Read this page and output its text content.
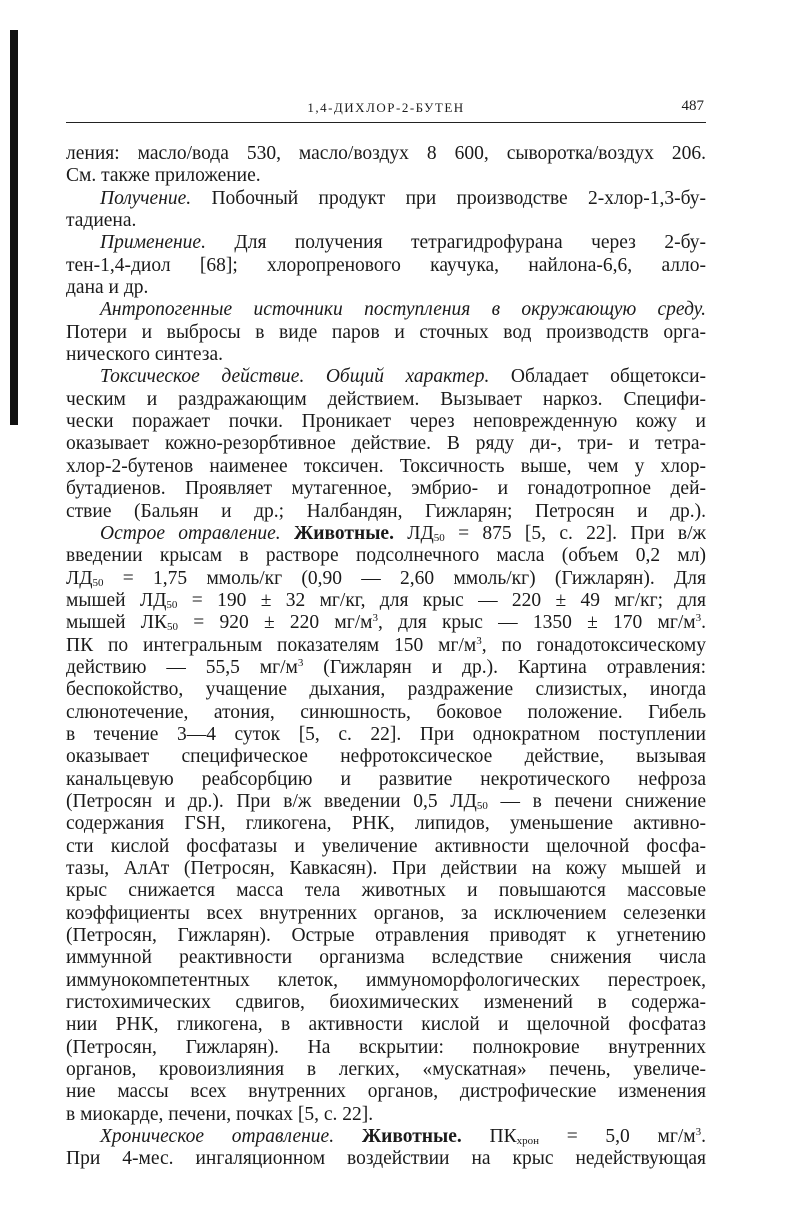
1,4-ДИХЛОР-2-БУТЕН	487
ления: масло/вода 530, масло/воздух 8 600, сыворотка/воздух 206.
См. также приложение.
Получение. Побочный продукт при производстве 2-хлор-1,3-бу-
тадиена.
Применение. Для получения тетрагидрофурана через 2-бу-
тен-1,4-диол [68]; хлоропренового каучука, найлона-6,6, алло-
дана и др.
Антропогенные источники поступления в окружающую среду.
Потери и выбросы в виде паров и сточных вод производств орга-
нического синтеза.
Токсическое действие. Общий характер. Обладает общетокси-
ческим и раздражающим действием. Вызывает наркоз. Специфи-
чески поражает почки. Проникает через неповрежденную кожу и
оказывает кожно-резорбтивное действие. В ряду ди-, три- и тетра-
хлор-2-бутенов наименее токсичен. Токсичность выше, чем у хлор-
бутадиенов. Проявляет мутагенное, эмбрио- и гонадотропное дей-
ствие (Бальян и др.; Налбандян, Гижларян; Петросян и др.).
Острое отравление. Животные. $ЛД_{50} = 875$ [5, с. 22]. При в/ж
введении крысам в растворе подсолнечного масла (объем 0,2 мл)
$ЛД_{50} = 1,75$ ммоль/кг (0,90 — 2,60 ммоль/кг) (Гижларян). Для
мышей $ЛД_{50} = 190 \pm 32$ мг/кг, для крыс — 220 ± 49 мг/кг; для
мышей $ЛК_{50} = 920 \pm 220$ $мг/м^3$, для крыс — 1350 ± 170 $мг/м^3$.
ПК по интегральным показателям 150 $мг/м^3$, по гонадотоксическому
действию — 55,5 $мг/м^3$ (Гижларян и др.). Картина отравления:
беспокойство, учащение дыхания, раздражение слизистых, иногда
слюнотечение, атония, синюшность, боковое положение. Гибель
в течение 3—4 суток [5, с. 22]. При однократном поступлении
оказывает специфическое нефротоксическое действие, вызывая
канальцевую реабсорбцию и развитие некротического нефроза
(Петросян и др.). При в/ж введении 0,5 $ЛД_{50}$ — в печени снижение
содержания ГSH, гликогена, РНК, липидов, уменьшение активно-
сти кислой фосфатазы и увеличение активности щелочной фосфа-
тазы, АлАт (Петросян, Кавкасян). При действии на кожу мышей и
крыс снижается масса тела животных и повышаются массовые
коэффициенты всех внутренних органов, за исключением селезенки
(Петросян, Гижларян). Острые отравления приводят к угнетению
иммунной реактивности организма вследствие снижения числа
иммунокомпетентных клеток, иммуноморфологических перестроек,
гистохимических сдвигов, биохимических изменений в содержа-
нии РНК, гликогена, в активности кислой и щелочной фосфатаз
(Петросян, Гижларян). На вскрытии: полнокровие внутренних
органов, кровоизлияния в легких, «мускатная» печень, увеличе-
ние массы всех внутренних органов, дистрофические изменения
в миокарде, печени, почках [5, с. 22].
Хроническое отравление. Животные. $ПК_{хрон} = 5,0$ $мг/м^3$.
При 4-мес. ингаляционном воздействии на крыс недействующая
